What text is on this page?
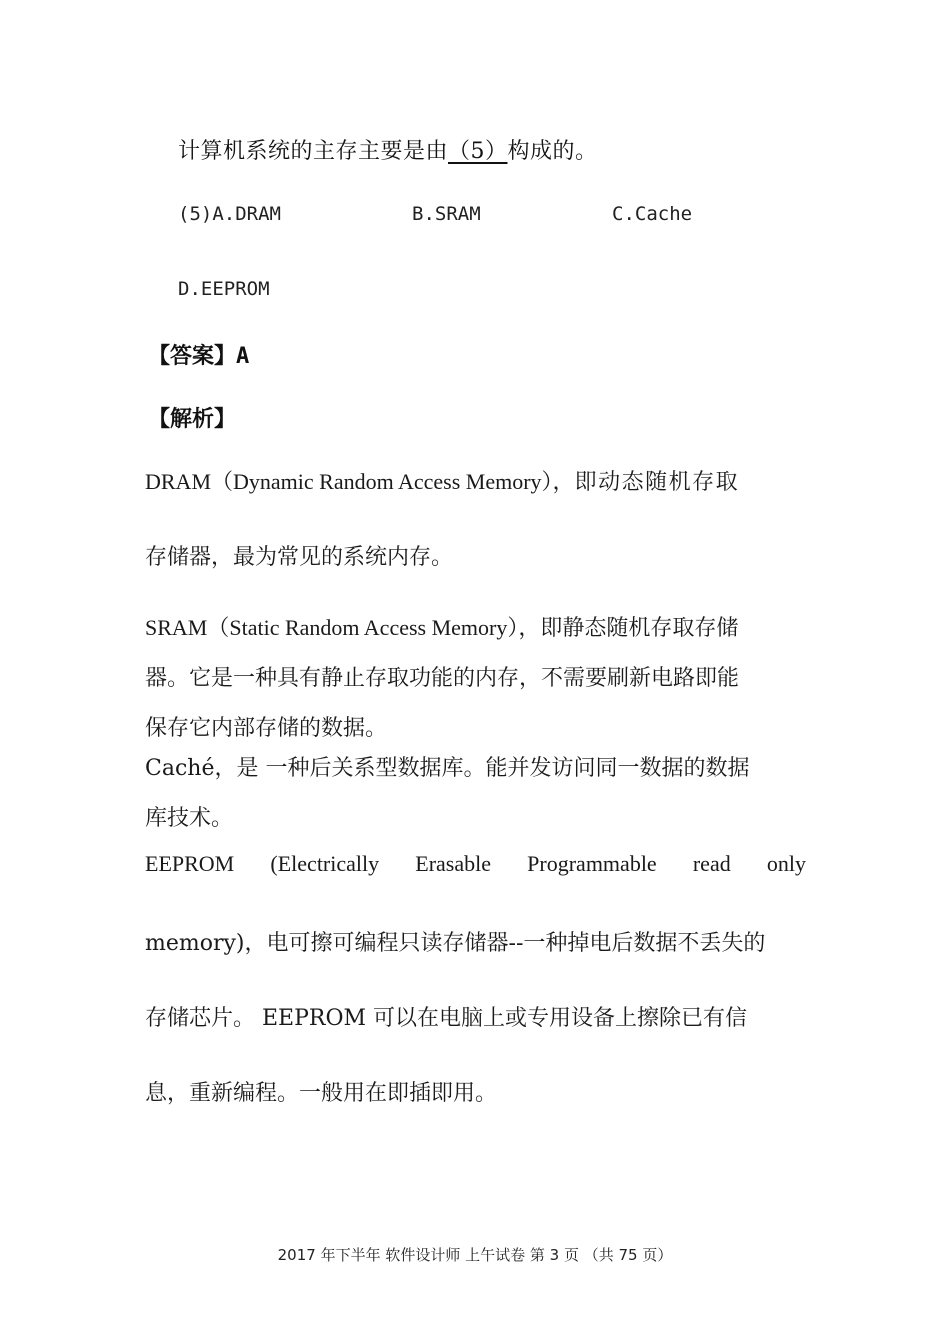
计算机系统的主存主要是由（5）构成的。
(5)A.DRAM	B.SRAM	C.Cache
D.EEPROM
【答案】A
【解析】
DRAM（Dynamic Random Access Memory），即动态随机存取
存储器，最为常见的系统内存。
SRAM（Static Random Access Memory），即静态随机存取存储
器。它是一种具有静止存取功能的内存，不需要刷新电路即能
保存它内部存储的数据。
Caché，是 一种后关系型数据库。能并发访问同一数据的数据
库技术。
EEPROM (Electrically Erasable Programmable read only
memory)，电可擦可编程只读存储器--一种掉电后数据不丢失的
存储芯片。 EEPROM 可以在电脑上或专用设备上擦除已有信
息，重新编程。一般用在即插即用。
2017 年下半年 软件设计师 上午试卷 第 3 页 （共 75 页）
